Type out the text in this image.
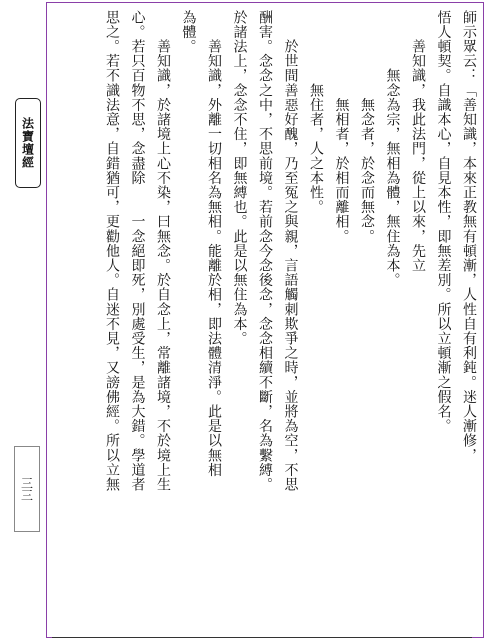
法寶壇經
三三

師示眾云：「善知識，本來正教無有頓漸，人性自有利鈍。迷人漸修，

悟人頓契。自識本心，自見本性，即無差別。所以立頓漸之假名。

　　善知識，我此法門，從上以來，先立

　　　　無念為宗，無相為體，無住為本。

　　　　　　無念者，於念而無念。

　　　　　　無相者，於相而離相。

　　　　　無住者，人之本性。

　　於世間善惡好醜，乃至冤之與親，言語觸刺欺爭之時，並將為空，不思

酬害。念念之中，不思前境。若前念今念後念，念念相續不斷，名為繫縛。

於諸法上，念念不住，即無縛也。此是以無住為本。

　　善知識，外離一切相名為無相。能離於相，即法體清淨。此是以無相

為體。

　　善知識，於諸境上心不染，曰無念。於自念上，常離諸境，不於境上生

心。若只百物不思，念盡除　　一念絕即死，別處受生，是為大錯。學道者

思之。若不識法意，自錯猶可，更勸他人。自迷不見，又謗佛經。所以立無
